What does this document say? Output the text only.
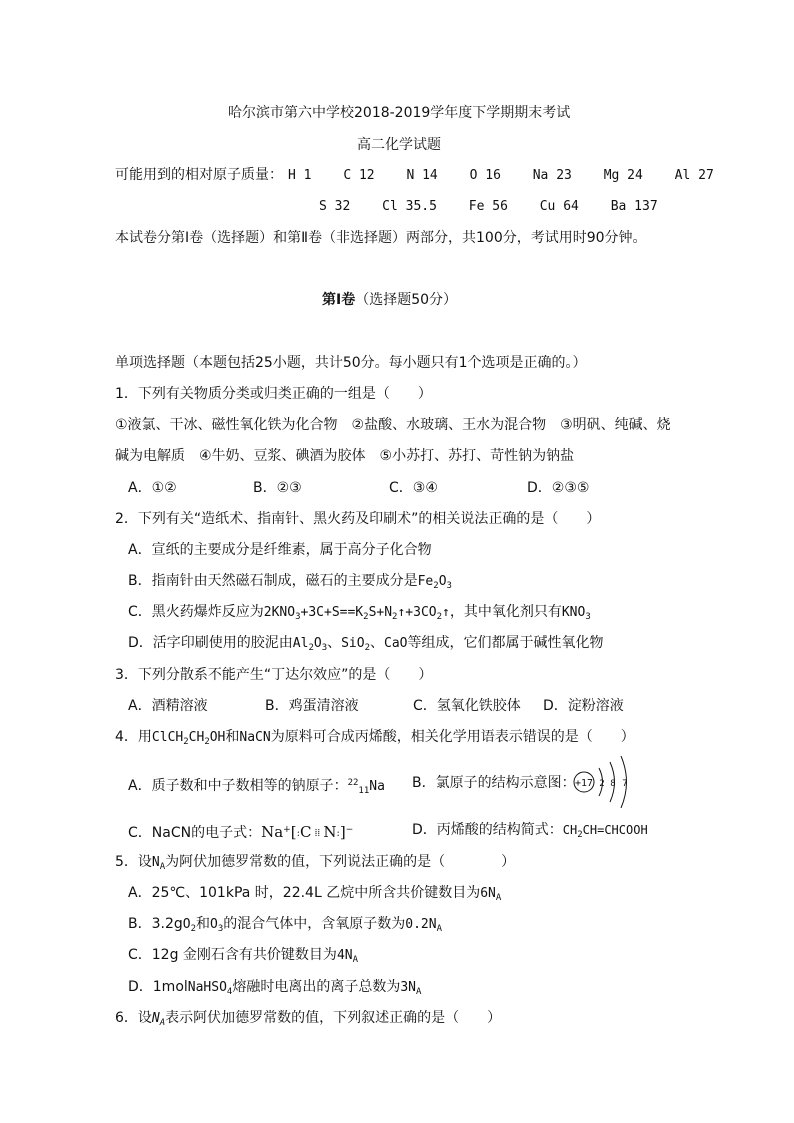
哈尔滨市第六中学校2018-2019学年度下学期期末考试
高二化学试题
可能用到的相对原子质量： H 1 C 12 N 14 O 16 Na 23 Mg 24 Al 27
S 32 Cl 35.5 Fe 56 Cu 64 Ba 137
本试卷分第Ⅰ卷（选择题）和第Ⅱ卷（非选择题）两部分，共100分，考试用时90分钟。
第Ⅰ卷（选择题50分）
单项选择题（本题包括25小题，共计50分。每小题只有1个选项是正确的。）
1．下列有关物质分类或归类正确的一组是（　　）
①液氯、干冰、磁性氧化铁为化合物　②盐酸、水玻璃、王水为混合物　③明矾、纯碱、烧
碱为电解质　④牛奶、豆浆、碘酒为胶体　⑤小苏打、苏打、苛性钠为钠盐
A．①②	B．②③	C．③④	D．②③⑤
2．下列有关“造纸术、指南针、黑火药及印刷术”的相关说法正确的是（　　）
A．宣纸的主要成分是纤维素，属于高分子化合物
B．指南针由天然磁石制成，磁石的主要成分是$Fe_2O_3$
C．黑火药爆炸反应为$2KNO_3+3C+S==K_2S+N_2↑+3CO_2↑$，其中氧化剂只有$KNO_3$
D．活字印刷使用的胶泥由$Al_2O_3$、SiO$_2$、CaO等组成，它们都属于碱性氧化物
3．下列分散系不能产生“丁达尔效应”的是（　　）
A．酒精溶液	B．鸡蛋清溶液	C．氢氧化铁胶体 D．淀粉溶液
4．用$ClCH_2CH_2OH$和NaCN为原料可合成丙烯酸，相关化学用语表示错误的是（　　）
A．质子数和中子数相等的钠原子：$^{22}_{11}$Na B．氯原子的结构示意图： +17 2 8 7
C．NaCN的电子式：Na+[:C ⁞⁞ N:]−	D．丙烯酸的结构简式：$CH_2CH=CHCOOH$
5．设$N_A$为阿伏加德罗常数的值，下列说法正确的是（　　　　）
A．25℃、101kPa 时，22.4L 乙烷中所含共价键数目为$6N_A$
B．$3.2gO_2$和$O_3$的混合气体中，含氧原子数为$0.2N_A$
C．12g 金刚石含有共价键数目为$4N_A$
D．1molNaHSO$_4$熔融时电离出的离子总数为$3N_A$
6．设$N_A$表示阿伏加德罗常数的值，下列叙述正确的是（　　）
